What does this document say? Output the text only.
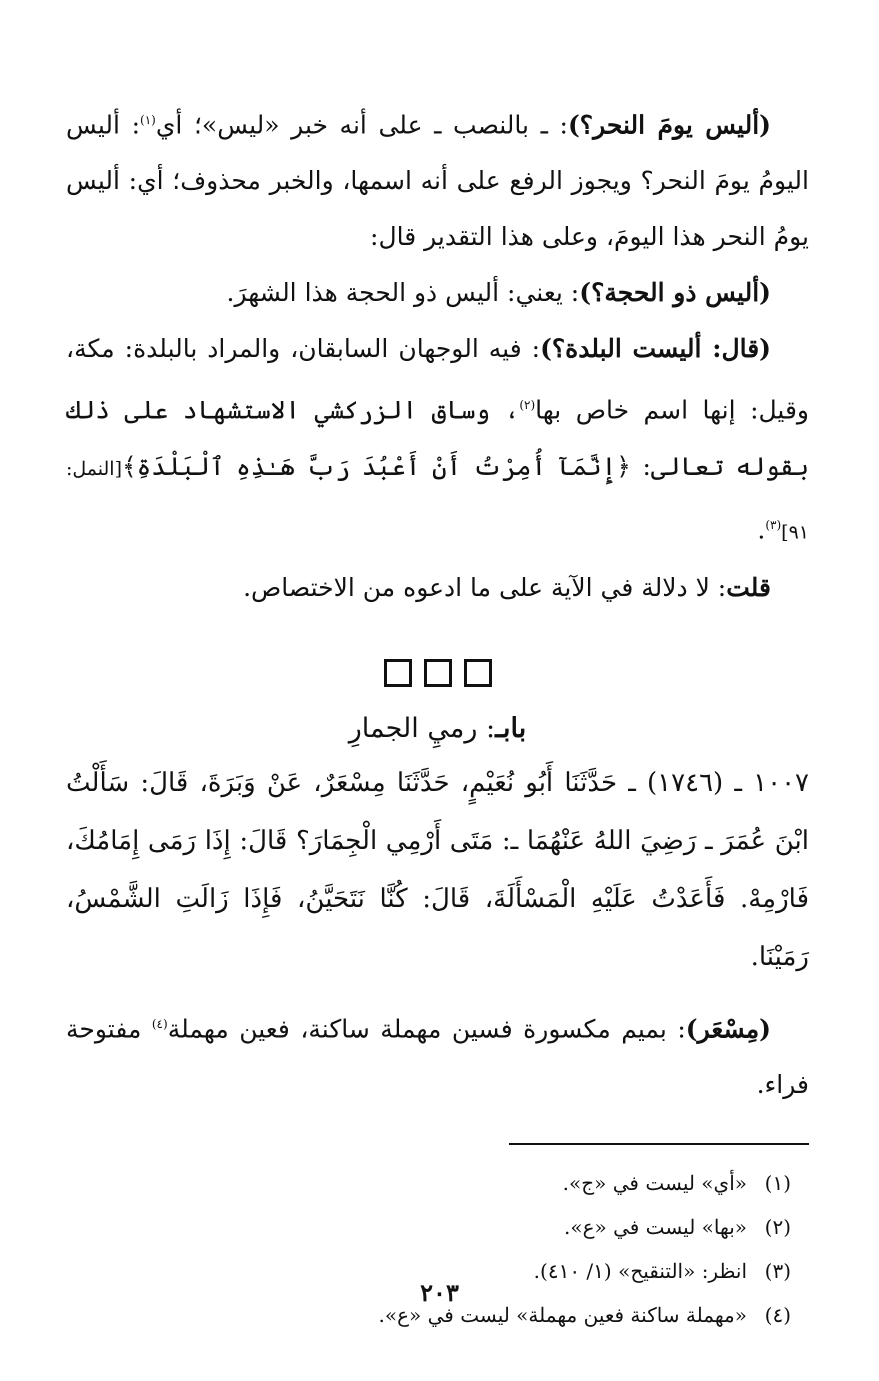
(أليس يومَ النحر؟): ـ بالنصب ـ على أنه خبر «ليس»؛ أي$^{(١)}$: أليس اليومُ يومَ النحر؟ ويجوز الرفع على أنه اسمها، والخبر محذوف؛ أي: أليس يومُ النحر هذا اليومَ، وعلى هذا التقدير قال:

(أليس ذو الحجة؟): يعني: أليس ذو الحجة هذا الشهرَ.

(قال: أليست البلدة؟): فيه الوجهان السابقان، والمراد بالبلدة: مكة، وقيل: إنها اسم خاص بها$^{(٢)}$، وساق الزركشي الاستشهاد على ذلك بقوله تعالى: ﴿إِنَّمَآ أُمِرْتُ أَنْ أَعْبُدَ رَبَّ هَـٰذِهِ ٱلْبَلْدَةِ﴾[النمل: ٩١]$^{(٣)}$.

قلت: لا دلالة في الآية على ما ادعوه من الاختصاص.

بابـ: رميِ الجمارِ

١٠٠٧ ـ (١٧٤٦) ـ حَدَّثَنَا أَبُو نُعَيْمٍ، حَدَّثَنَا مِسْعَرٌ، عَنْ وَبَرَةَ، قَالَ: سَأَلْتُ ابْنَ عُمَرَ ـ رَضِيَ اللهُ عَنْهُمَا ـ: مَتَى أَرْمِي الْجِمَارَ؟ قَالَ: إِذَا رَمَى إِمَامُكَ، فَارْمِهْ. فَأَعَدْتُ عَلَيْهِ الْمَسْأَلَةَ، قَالَ: كُنَّا نَتَحَيَّنُ، فَإِذَا زَالَتِ الشَّمْسُ، رَمَيْنَا.

(مِسْعَر): بميم مكسورة فسين مهملة ساكنة، فعين مهملة$^{(٤)}$ مفتوحة فراء.

(١)«أي» ليست في «ج».

(٢)«بها» ليست في «ع».

(٣)انظر: «التنقيح» (١/ ٤١٠).

(٤)«مهملة ساكنة فعين مهملة» ليست في «ع».

٢٠٣
